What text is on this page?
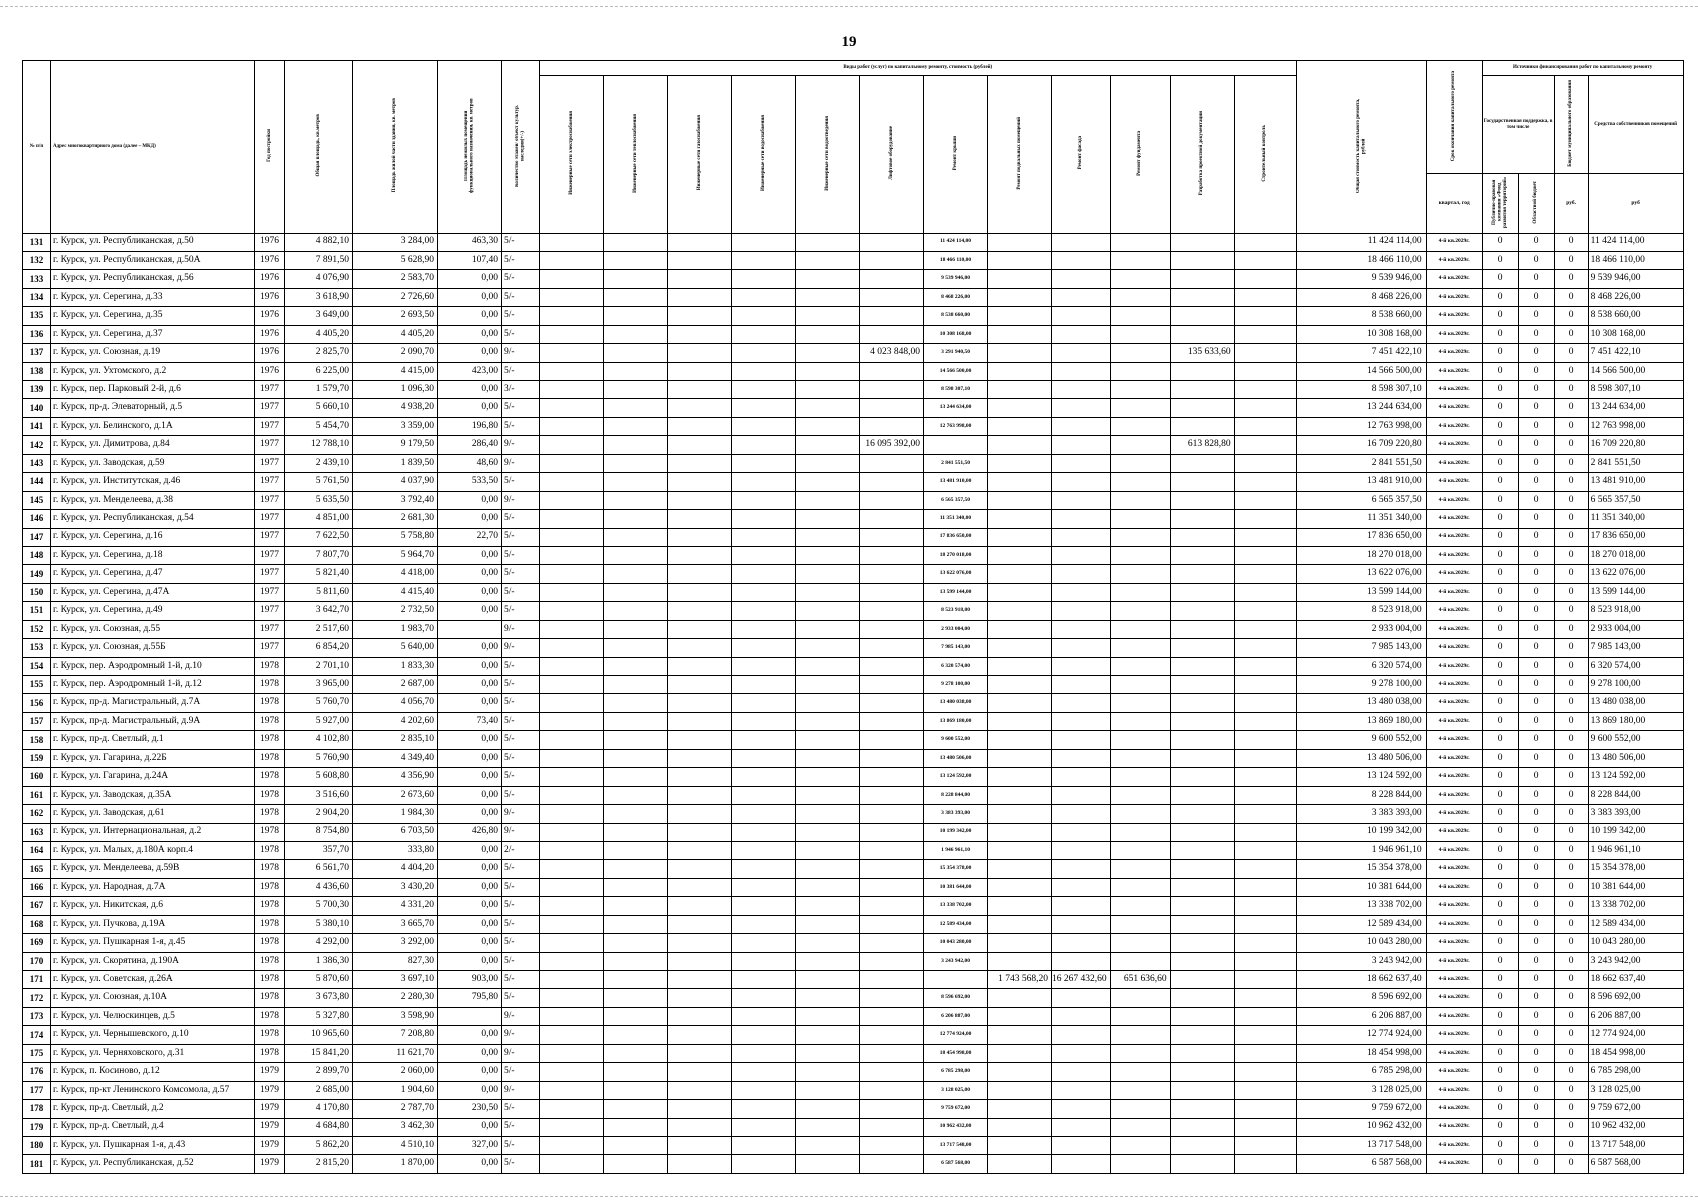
19
№ п/п	Адрес многоквартирного дома (далее – МКД)	Год постройки	Общая площадь, кв.метров	Площадь жилой части здания, кв. метров	Площадь нежилых помещений функционального назначения, кв. метров	Количество этажей/ объект культур. наследия(+/-)	Виды работ (услуг) по капитальному ремонту, стоимость (рублей)												Общая стоимость капитального ремонта, рублей	Срок окончания капитального ремонта	Источники финансирования работ по капитальному ремонту			
							Инженерные сети электроснабжения	Инженерные сети теплоснабжения	Инженерные сети газоснабжения	Инженерные сети водоснабжения	Инженерные сети водоотведения	Лифтовое оборудование	Ремонт крыши	Ремонт подвальных помещений	Ремонт фасада	Ремонт фундамента	Разработка проектной документации	Строительный контроль			Государственная поддержка, в том числе		Бюджет муниципального образования	Средства собственников помещений
																				квартал, год	Публично-правовая компания «Фонд развития территорий»	Областной бюджет	руб.	руб
131	г. Курск, ул. Республиканская, д.50	1976	4 882,10	3 284,00	463,30	5/-							11 424 114,00						11 424 114,00	4-й кв.2029г.	0	0	0	11 424 114,00
132	г. Курск, ул. Республиканская, д.50А	1976	7 891,50	5 628,90	107,40	5/-							18 466 110,00						18 466 110,00	4-й кв.2029г.	0	0	0	18 466 110,00
133	г. Курск, ул. Республиканская, д.56	1976	4 076,90	2 583,70	0,00	5/-							9 539 946,00						9 539 946,00	4-й кв.2029г.	0	0	0	9 539 946,00
134	г. Курск, ул. Серегина, д.33	1976	3 618,90	2 726,60	0,00	5/-							8 468 226,00						8 468 226,00	4-й кв.2029г.	0	0	0	8 468 226,00
135	г. Курск, ул. Серегина, д.35	1976	3 649,00	2 693,50	0,00	5/-							8 538 660,00						8 538 660,00	4-й кв.2029г.	0	0	0	8 538 660,00
136	г. Курск, ул. Серегина, д.37	1976	4 405,20	4 405,20	0,00	5/-							10 308 168,00						10 308 168,00	4-й кв.2029г.	0	0	0	10 308 168,00
137	г. Курск, ул. Союзная, д.19	1976	2 825,70	2 090,70	0,00	9/-						4 023 848,00	3 291 940,50				135 633,60		7 451 422,10	4-й кв.2029г.	0	0	0	7 451 422,10
138	г. Курск, ул. Ухтомского, д.2	1976	6 225,00	4 415,00	423,00	5/-							14 566 500,00						14 566 500,00	4-й кв.2029г.	0	0	0	14 566 500,00
139	г. Курск, пер. Парковый 2-й, д.6	1977	1 579,70	1 096,30	0,00	3/-							8 598 307,10						8 598 307,10	4-й кв.2029г.	0	0	0	8 598 307,10
140	г. Курск, пр-д. Элеваторный, д.5	1977	5 660,10	4 938,20	0,00	5/-							13 244 634,00						13 244 634,00	4-й кв.2029г.	0	0	0	13 244 634,00
141	г. Курск, ул. Белинского, д.1А	1977	5 454,70	3 359,00	196,80	5/-							12 763 998,00						12 763 998,00	4-й кв.2029г.	0	0	0	12 763 998,00
142	г. Курск, ул. Димитрова, д.84	1977	12 788,10	9 179,50	286,40	9/-						16 095 392,00					613 828,80		16 709 220,80	4-й кв.2029г.	0	0	0	16 709 220,80
143	г. Курск, ул. Заводская, д.59	1977	2 439,10	1 839,50	48,60	9/-							2 841 551,50						2 841 551,50	4-й кв.2029г.	0	0	0	2 841 551,50
144	г. Курск, ул. Институтская, д.46	1977	5 761,50	4 037,90	533,50	5/-							13 481 910,00						13 481 910,00	4-й кв.2029г.	0	0	0	13 481 910,00
145	г. Курск, ул. Менделеева, д.38	1977	5 635,50	3 792,40	0,00	9/-							6 565 357,50						6 565 357,50	4-й кв.2029г.	0	0	0	6 565 357,50
146	г. Курск, ул. Республиканская, д.54	1977	4 851,00	2 681,30	0,00	5/-							11 351 340,00						11 351 340,00	4-й кв.2029г.	0	0	0	11 351 340,00
147	г. Курск, ул. Серегина, д.16	1977	7 622,50	5 758,80	22,70	5/-							17 836 650,00						17 836 650,00	4-й кв.2029г.	0	0	0	17 836 650,00
148	г. Курск, ул. Серегина, д.18	1977	7 807,70	5 964,70	0,00	5/-							18 270 018,00						18 270 018,00	4-й кв.2029г.	0	0	0	18 270 018,00
149	г. Курск, ул. Серегина, д.47	1977	5 821,40	4 418,00	0,00	5/-							13 622 076,00						13 622 076,00	4-й кв.2029г.	0	0	0	13 622 076,00
150	г. Курск, ул. Серегина, д.47А	1977	5 811,60	4 415,40	0,00	5/-							13 599 144,00						13 599 144,00	4-й кв.2029г.	0	0	0	13 599 144,00
151	г. Курск, ул. Серегина, д.49	1977	3 642,70	2 732,50	0,00	5/-							8 523 918,00						8 523 918,00	4-й кв.2029г.	0	0	0	8 523 918,00
152	г. Курск, ул. Союзная, д.55	1977	2 517,60	1 983,70		9/-							2 933 004,00						2 933 004,00	4-й кв.2029г.	0	0	0	2 933 004,00
153	г. Курск, ул. Союзная, д.55Б	1977	6 854,20	5 640,00	0,00	9/-							7 985 143,00						7 985 143,00	4-й кв.2029г.	0	0	0	7 985 143,00
154	г. Курск, пер. Аэродромный 1-й, д.10	1978	2 701,10	1 833,30	0,00	5/-							6 320 574,00						6 320 574,00	4-й кв.2029г.	0	0	0	6 320 574,00
155	г. Курск, пер. Аэродромный 1-й, д.12	1978	3 965,00	2 687,00	0,00	5/-							9 278 100,00						9 278 100,00	4-й кв.2029г.	0	0	0	9 278 100,00
156	г. Курск, пр-д. Магистральный, д.7А	1978	5 760,70	4 056,70	0,00	5/-							13 480 038,00						13 480 038,00	4-й кв.2029г.	0	0	0	13 480 038,00
157	г. Курск, пр-д. Магистральный, д.9А	1978	5 927,00	4 202,60	73,40	5/-							13 869 180,00						13 869 180,00	4-й кв.2029г.	0	0	0	13 869 180,00
158	г. Курск, пр-д. Светлый, д.1	1978	4 102,80	2 835,10	0,00	5/-							9 600 552,00						9 600 552,00	4-й кв.2029г.	0	0	0	9 600 552,00
159	г. Курск, ул. Гагарина, д.22Б	1978	5 760,90	4 349,40	0,00	5/-							13 480 506,00						13 480 506,00	4-й кв.2029г.	0	0	0	13 480 506,00
160	г. Курск, ул. Гагарина, д.24А	1978	5 608,80	4 356,90	0,00	5/-							13 124 592,00						13 124 592,00	4-й кв.2029г.	0	0	0	13 124 592,00
161	г. Курск, ул. Заводская, д.35А	1978	3 516,60	2 673,60	0,00	5/-							8 228 844,00						8 228 844,00	4-й кв.2029г.	0	0	0	8 228 844,00
162	г. Курск, ул. Заводская, д.61	1978	2 904,20	1 984,30	0,00	9/-							3 383 393,00						3 383 393,00	4-й кв.2029г.	0	0	0	3 383 393,00
163	г. Курск, ул. Интернациональная, д.2	1978	8 754,80	6 703,50	426,80	9/-							10 199 342,00						10 199 342,00	4-й кв.2029г.	0	0	0	10 199 342,00
164	г. Курск, ул. Малых, д.180А корп.4	1978	357,70	333,80	0,00	2/-							1 946 961,10						1 946 961,10	4-й кв.2029г.	0	0	0	1 946 961,10
165	г. Курск, ул. Менделеева, д.59В	1978	6 561,70	4 404,20	0,00	5/-							15 354 378,00						15 354 378,00	4-й кв.2029г.	0	0	0	15 354 378,00
166	г. Курск, ул. Народная, д.7А	1978	4 436,60	3 430,20	0,00	5/-							10 381 644,00						10 381 644,00	4-й кв.2029г.	0	0	0	10 381 644,00
167	г. Курск, ул. Никитская, д.6	1978	5 700,30	4 331,20	0,00	5/-							13 338 702,00						13 338 702,00	4-й кв.2029г.	0	0	0	13 338 702,00
168	г. Курск, ул. Пучкова, д.19А	1978	5 380,10	3 665,70	0,00	5/-							12 589 434,00						12 589 434,00	4-й кв.2029г.	0	0	0	12 589 434,00
169	г. Курск, ул. Пушкарная 1-я, д.45	1978	4 292,00	3 292,00	0,00	5/-							10 043 280,00						10 043 280,00	4-й кв.2029г.	0	0	0	10 043 280,00
170	г. Курск, ул. Скорятина, д.190А	1978	1 386,30	827,30	0,00	5/-							3 243 942,00						3 243 942,00	4-й кв.2029г.	0	0	0	3 243 942,00
171	г. Курск, ул. Советская, д.26А	1978	5 870,60	3 697,10	903,00	5/-								1 743 568,20	16 267 432,60	651 636,60			18 662 637,40	4-й кв.2029г.	0	0	0	18 662 637,40
172	г. Курск, ул. Союзная, д.10А	1978	3 673,80	2 280,30	795,80	5/-							8 596 692,00						8 596 692,00	4-й кв.2029г.	0	0	0	8 596 692,00
173	г. Курск, ул. Челюскинцев, д.5	1978	5 327,80	3 598,90		9/-							6 206 887,00						6 206 887,00	4-й кв.2029г.	0	0	0	6 206 887,00
174	г. Курск, ул. Чернышевского, д.10	1978	10 965,60	7 208,80	0,00	9/-							12 774 924,00						12 774 924,00	4-й кв.2029г.	0	0	0	12 774 924,00
175	г. Курск, ул. Черняховского, д.31	1978	15 841,20	11 621,70	0,00	9/-							18 454 998,00						18 454 998,00	4-й кв.2029г.	0	0	0	18 454 998,00
176	г. Курск, п. Косиново, д.12	1979	2 899,70	2 060,00	0,00	5/-							6 785 298,00						6 785 298,00	4-й кв.2029г.	0	0	0	6 785 298,00
177	г. Курск, пр-кт Ленинского Комсомола, д.57	1979	2 685,00	1 904,60	0,00	9/-							3 128 025,00						3 128 025,00	4-й кв.2029г.	0	0	0	3 128 025,00
178	г. Курск, пр-д. Светлый, д.2	1979	4 170,80	2 787,70	230,50	5/-							9 759 672,00						9 759 672,00	4-й кв.2029г.	0	0	0	9 759 672,00
179	г. Курск, пр-д. Светлый, д.4	1979	4 684,80	3 462,30	0,00	5/-							10 962 432,00						10 962 432,00	4-й кв.2029г.	0	0	0	10 962 432,00
180	г. Курск, ул. Пушкарная 1-я, д.43	1979	5 862,20	4 510,10	327,00	5/-							13 717 548,00						13 717 548,00	4-й кв.2029г.	0	0	0	13 717 548,00
181	г. Курск, ул. Республиканская, д.52	1979	2 815,20	1 870,00	0,00	5/-							6 587 568,00						6 587 568,00	4-й кв.2029г.	0	0	0	6 587 568,00
